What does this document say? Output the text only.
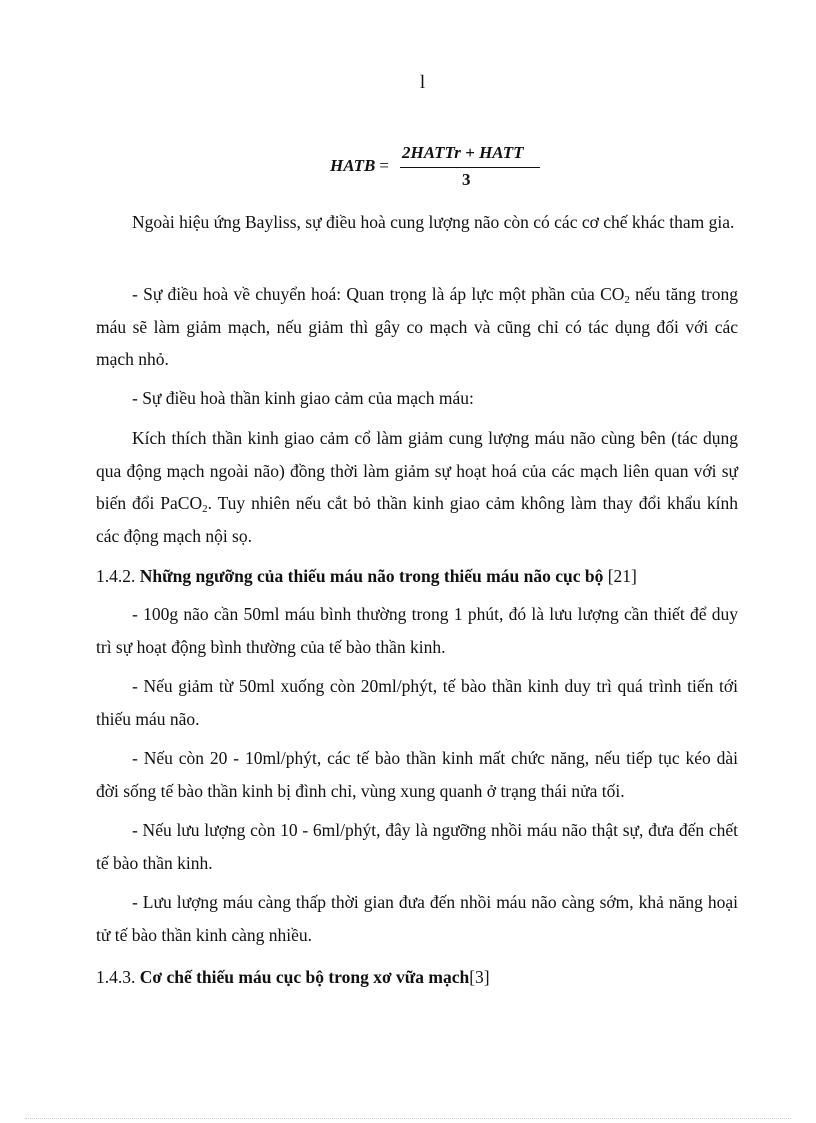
l
HATB =
2HATTr + HATT
3

Ngoài hiệu ứng Bayliss, sự điều hoà cung lượng não còn có các cơ chế khác tham gia.

- Sự điều hoà về chuyển hoá: Quan trọng là áp lực một phần của $CO_2$ nếu tăng trong máu sẽ làm giảm mạch, nếu giảm thì gây co mạch và cũng chỉ có tác dụng đối với các mạch nhỏ.

- Sự điều hoà thần kinh giao cảm của mạch máu:

Kích thích thần kinh giao cảm cổ làm giảm cung lượng máu não cùng bên (tác dụng qua động mạch ngoài não) đồng thời làm giảm sự hoạt hoá của các mạch liên quan với sự biến đổi PaCO$_2$. Tuy nhiên nếu cắt bỏ thần kinh giao cảm không làm thay đổi khẩu kính các động mạch nội sọ.

1.4.2. Những ngưỡng của thiếu máu não trong thiếu máu não cục bộ [21]

- 100g não cần 50ml máu bình thường trong 1 phút, đó là lưu lượng cần thiết để duy trì sự hoạt động bình thường của tế bào thần kinh.

- Nếu giảm từ 50ml xuống còn 20ml/phýt, tế bào thần kinh duy trì quá trình tiến tới thiếu máu não.

- Nếu còn 20 - 10ml/phýt, các tế bào thần kinh mất chức năng, nếu tiếp tục kéo dài đời sống tế bào thần kinh bị đình chỉ, vùng xung quanh ở trạng thái nửa tối.

- Nếu lưu lượng còn 10 - 6ml/phýt, đây là ngưỡng nhồi máu não thật sự, đưa đến chết tế bào thần kinh.

- Lưu lượng máu càng thấp thời gian đưa đến nhồi máu não càng sớm, khả năng hoại tử tế bào thần kinh càng nhiều.

1.4.3. Cơ chế thiếu máu cục bộ trong xơ vữa mạch[3]
